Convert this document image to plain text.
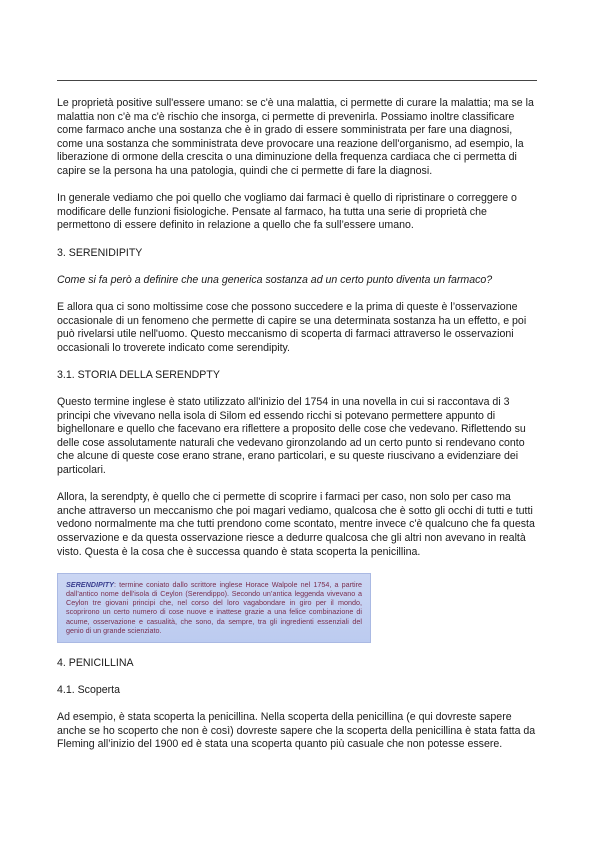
Le proprietà positive sull'essere umano: se c'è una malattia, ci permette di curare la malattia; ma se la malattia non c'è ma c'è rischio che insorga, ci permette di prevenirla. Possiamo inoltre classificare come farmaco anche una sostanza che è in grado di essere somministrata per fare una diagnosi, come una sostanza che somministrata deve provocare una reazione dell'organismo, ad esempio, la liberazione di ormone della crescita o una diminuzione della frequenza cardiaca che ci permetta di capire se la persona ha una patologia, quindi che ci permette di fare la diagnosi.

In generale vediamo che poi quello che vogliamo dai farmaci è quello di ripristinare o correggere o modificare delle funzioni fisiologiche. Pensate al farmaco, ha tutta una serie di proprietà che permettono di essere definito in relazione a quello che fa sull’essere umano.

3. SERENIDIPITY

Come si fa però a definire che una generica sostanza ad un certo punto diventa un farmaco?

E allora qua ci sono moltissime cose che possono succedere e la prima di queste è l’osservazione occasionale di un fenomeno che permette di capire se una determinata sostanza ha un effetto, e poi può rivelarsi utile nell'uomo. Questo meccanismo di scoperta di farmaci attraverso le osservazioni occasionali lo troverete indicato come serendipity.

3.1. STORIA DELLA SERENDPTY

Questo termine inglese è stato utilizzato all'inizio del 1754 in una novella in cui si raccontava di 3 principi che vivevano nella isola di Silom ed essendo ricchi si potevano permettere appunto di bighellonare e quello che facevano era riflettere a proposito delle cose che vedevano. Riflettendo su delle cose assolutamente naturali che vedevano gironzolando ad un certo punto si rendevano conto che alcune di queste cose erano strane, erano particolari, e su queste riuscivano a evidenziare dei particolari.

Allora, la serendpty, è quello che ci permette di scoprire i farmaci per caso, non solo per caso ma anche attraverso un meccanismo che poi magari vediamo, qualcosa che è sotto gli occhi di tutti e tutti vedono normalmente ma che tutti prendono come scontato, mentre invece c'è qualcuno che fa questa osservazione e da questa osservazione riesce a dedurre qualcosa che gli altri non avevano in realtà visto. Questa è la cosa che è successa quando è stata scoperta la penicillina.

SERENDIPITY: termine coniato dallo scrittore inglese Horace Walpole nel 1754, a partire dall’antico nome dell’isola di Ceylon (Serendippo). Secondo un’antica leggenda vivevano a Ceylon tre giovani principi che, nel corso del loro vagabondare in giro per il mondo, scoprirono un certo numero di cose nuove e inattese grazie a una felice combinazione di acume, osservazione e casualità, che sono, da sempre, tra gli ingredienti essenziali del genio di un grande scienziato.

4. PENICILLINA

4.1. Scoperta

Ad esempio, è stata scoperta la penicillina. Nella scoperta della penicillina (e qui dovreste sapere anche se ho scoperto che non è così) dovreste sapere che la scoperta della penicillina è stata fatta da Fleming all’inizio del 1900 ed è stata una scoperta quanto più casuale che non potesse essere.
